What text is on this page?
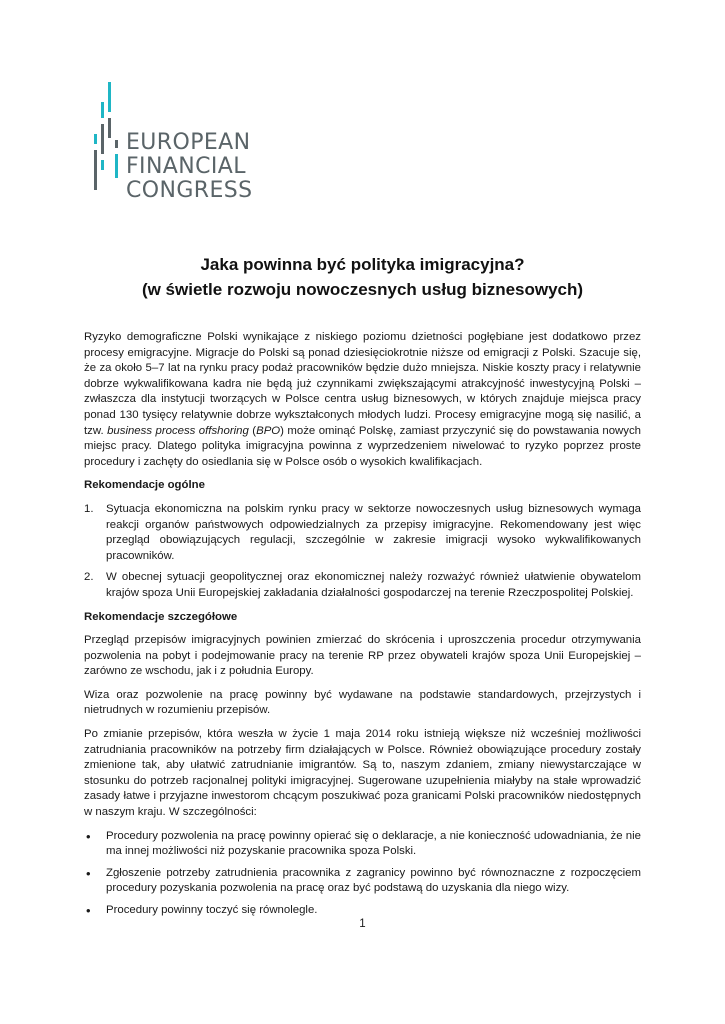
EUROPEAN
FINANCIAL
CONGRESS
Jaka powinna być polityka imigracyjna?
(w świetle rozwoju nowoczesnych usług biznesowych)

Ryzyko demograficzne Polski wynikające z niskiego poziomu dzietności pogłębiane jest dodatkowo przez procesy emigracyjne. Migracje do Polski są ponad dziesięciokrotnie niższe od emigracji z Polski. Szacuje się, że za około 5–7 lat na rynku pracy podaż pracowników będzie dużo mniejsza. Niskie koszty pracy i relatywnie dobrze wykwalifikowana kadra nie będą już czynnikami zwiększającymi atrakcyjność inwestycyjną Polski – zwłaszcza dla instytucji tworzących w Polsce centra usług biznesowych, w których znajduje miejsca pracy ponad 130 tysięcy relatywnie dobrze wykształconych młodych ludzi. Procesy emigracyjne mogą się nasilić, a tzw. business process offshoring (BPO) może ominąć Polskę, zamiast przyczynić się do powstawania nowych miejsc pracy. Dlatego polityka imigracyjna powinna z wyprzedzeniem niwelować to ryzyko poprzez proste procedury i zachęty do osiedlania się w Polsce osób o wysokich kwalifikacjach.

Rekomendacje ogólne
1. Sytuacja ekonomiczna na polskim rynku pracy w sektorze nowoczesnych usług biznesowych wymaga reakcji organów państwowych odpowiedzialnych za przepisy imigracyjne. Rekomendowany jest więc przegląd obowiązujących regulacji, szczególnie w zakresie imigracji wysoko wykwalifikowanych pracowników.
2. W obecnej sytuacji geopolitycznej oraz ekonomicznej należy rozważyć również ułatwienie obywatelom krajów spoza Unii Europejskiej zakładania działalności gospodarczej na terenie Rzeczpospolitej Polskiej.
Rekomendacje szczegółowe

Przegląd przepisów imigracyjnych powinien zmierzać do skrócenia i uproszczenia procedur otrzymywania pozwolenia na pobyt i podejmowanie pracy na terenie RP przez obywateli krajów spoza Unii Europejskiej – zarówno ze wschodu, jak i z południa Europy.

Wiza oraz pozwolenie na pracę powinny być wydawane na podstawie standardowych, przejrzystych i nietrudnych w rozumieniu przepisów.

Po zmianie przepisów, która weszła w życie 1 maja 2014 roku istnieją większe niż wcześniej możliwości zatrudniania pracowników na potrzeby firm działających w Polsce. Również obowiązujące procedury zostały zmienione tak, aby ułatwić zatrudnianie imigrantów. Są to, naszym zdaniem, zmiany niewystarczające w stosunku do potrzeb racjonalnej polityki imigracyjnej. Sugerowane uzupełnienia miałyby na stałe wprowadzić zasady łatwe i przyjazne inwestorom chcącym poszukiwać poza granicami Polski pracowników niedostępnych w naszym kraju. W szczególności:

• Procedury pozwolenia na pracę powinny opierać się o deklaracje, a nie konieczność udowadniania, że nie ma innej możliwości niż pozyskanie pracownika spoza Polski.
• Zgłoszenie potrzeby zatrudnienia pracownika z zagranicy powinno być równoznaczne z rozpoczęciem procedury pozyskania pozwolenia na pracę oraz być podstawą do uzyskania dla niego wizy.
• Procedury powinny toczyć się równolegle.
1
